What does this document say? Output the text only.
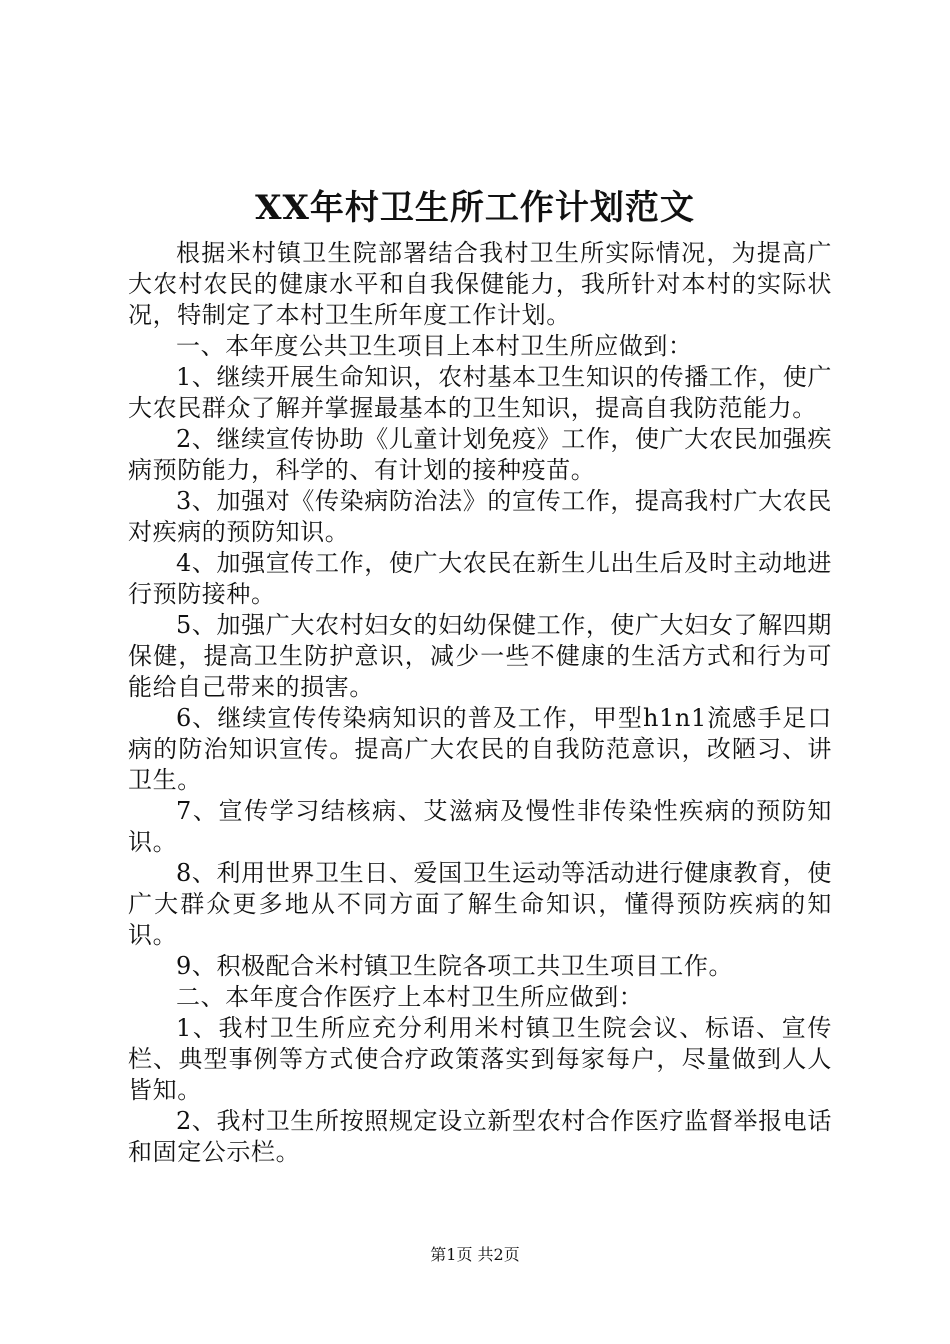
XX年村卫生所工作计划范文

根据米村镇卫生院部署结合我村卫生所实际情况，为提高广大农村农民的健康水平和自我保健能力，我所针对本村的实际状况，特制定了本村卫生所年度工作计划。

一、本年度公共卫生项目上本村卫生所应做到：

1、继续开展生命知识，农村基本卫生知识的传播工作，使广大农民群众了解并掌握最基本的卫生知识，提高自我防范能力。

2、继续宣传协助《儿童计划免疫》工作，使广大农民加强疾病预防能力，科学的、有计划的接种疫苗。

3、加强对《传染病防治法》的宣传工作，提高我村广大农民对疾病的预防知识。

4、加强宣传工作，使广大农民在新生儿出生后及时主动地进行预防接种。

5、加强广大农村妇女的妇幼保健工作，使广大妇女了解四期保健，提高卫生防护意识，减少一些不健康的生活方式和行为可能给自己带来的损害。

6、继续宣传传染病知识的普及工作，甲型h1n1流感手足口病的防治知识宣传。提高广大农民的自我防范意识，改陋习、讲卫生。

7、宣传学习结核病、艾滋病及慢性非传染性疾病的预防知识。

8、利用世界卫生日、爱国卫生运动等活动进行健康教育，使广大群众更多地从不同方面了解生命知识，懂得预防疾病的知识。

9、积极配合米村镇卫生院各项工共卫生项目工作。

二、本年度合作医疗上本村卫生所应做到：

1、我村卫生所应充分利用米村镇卫生院会议、标语、宣传栏、典型事例等方式使合疗政策落实到每家每户，尽量做到人人皆知。

2、我村卫生所按照规定设立新型农村合作医疗监督举报电话和固定公示栏。

第1页 共2页
